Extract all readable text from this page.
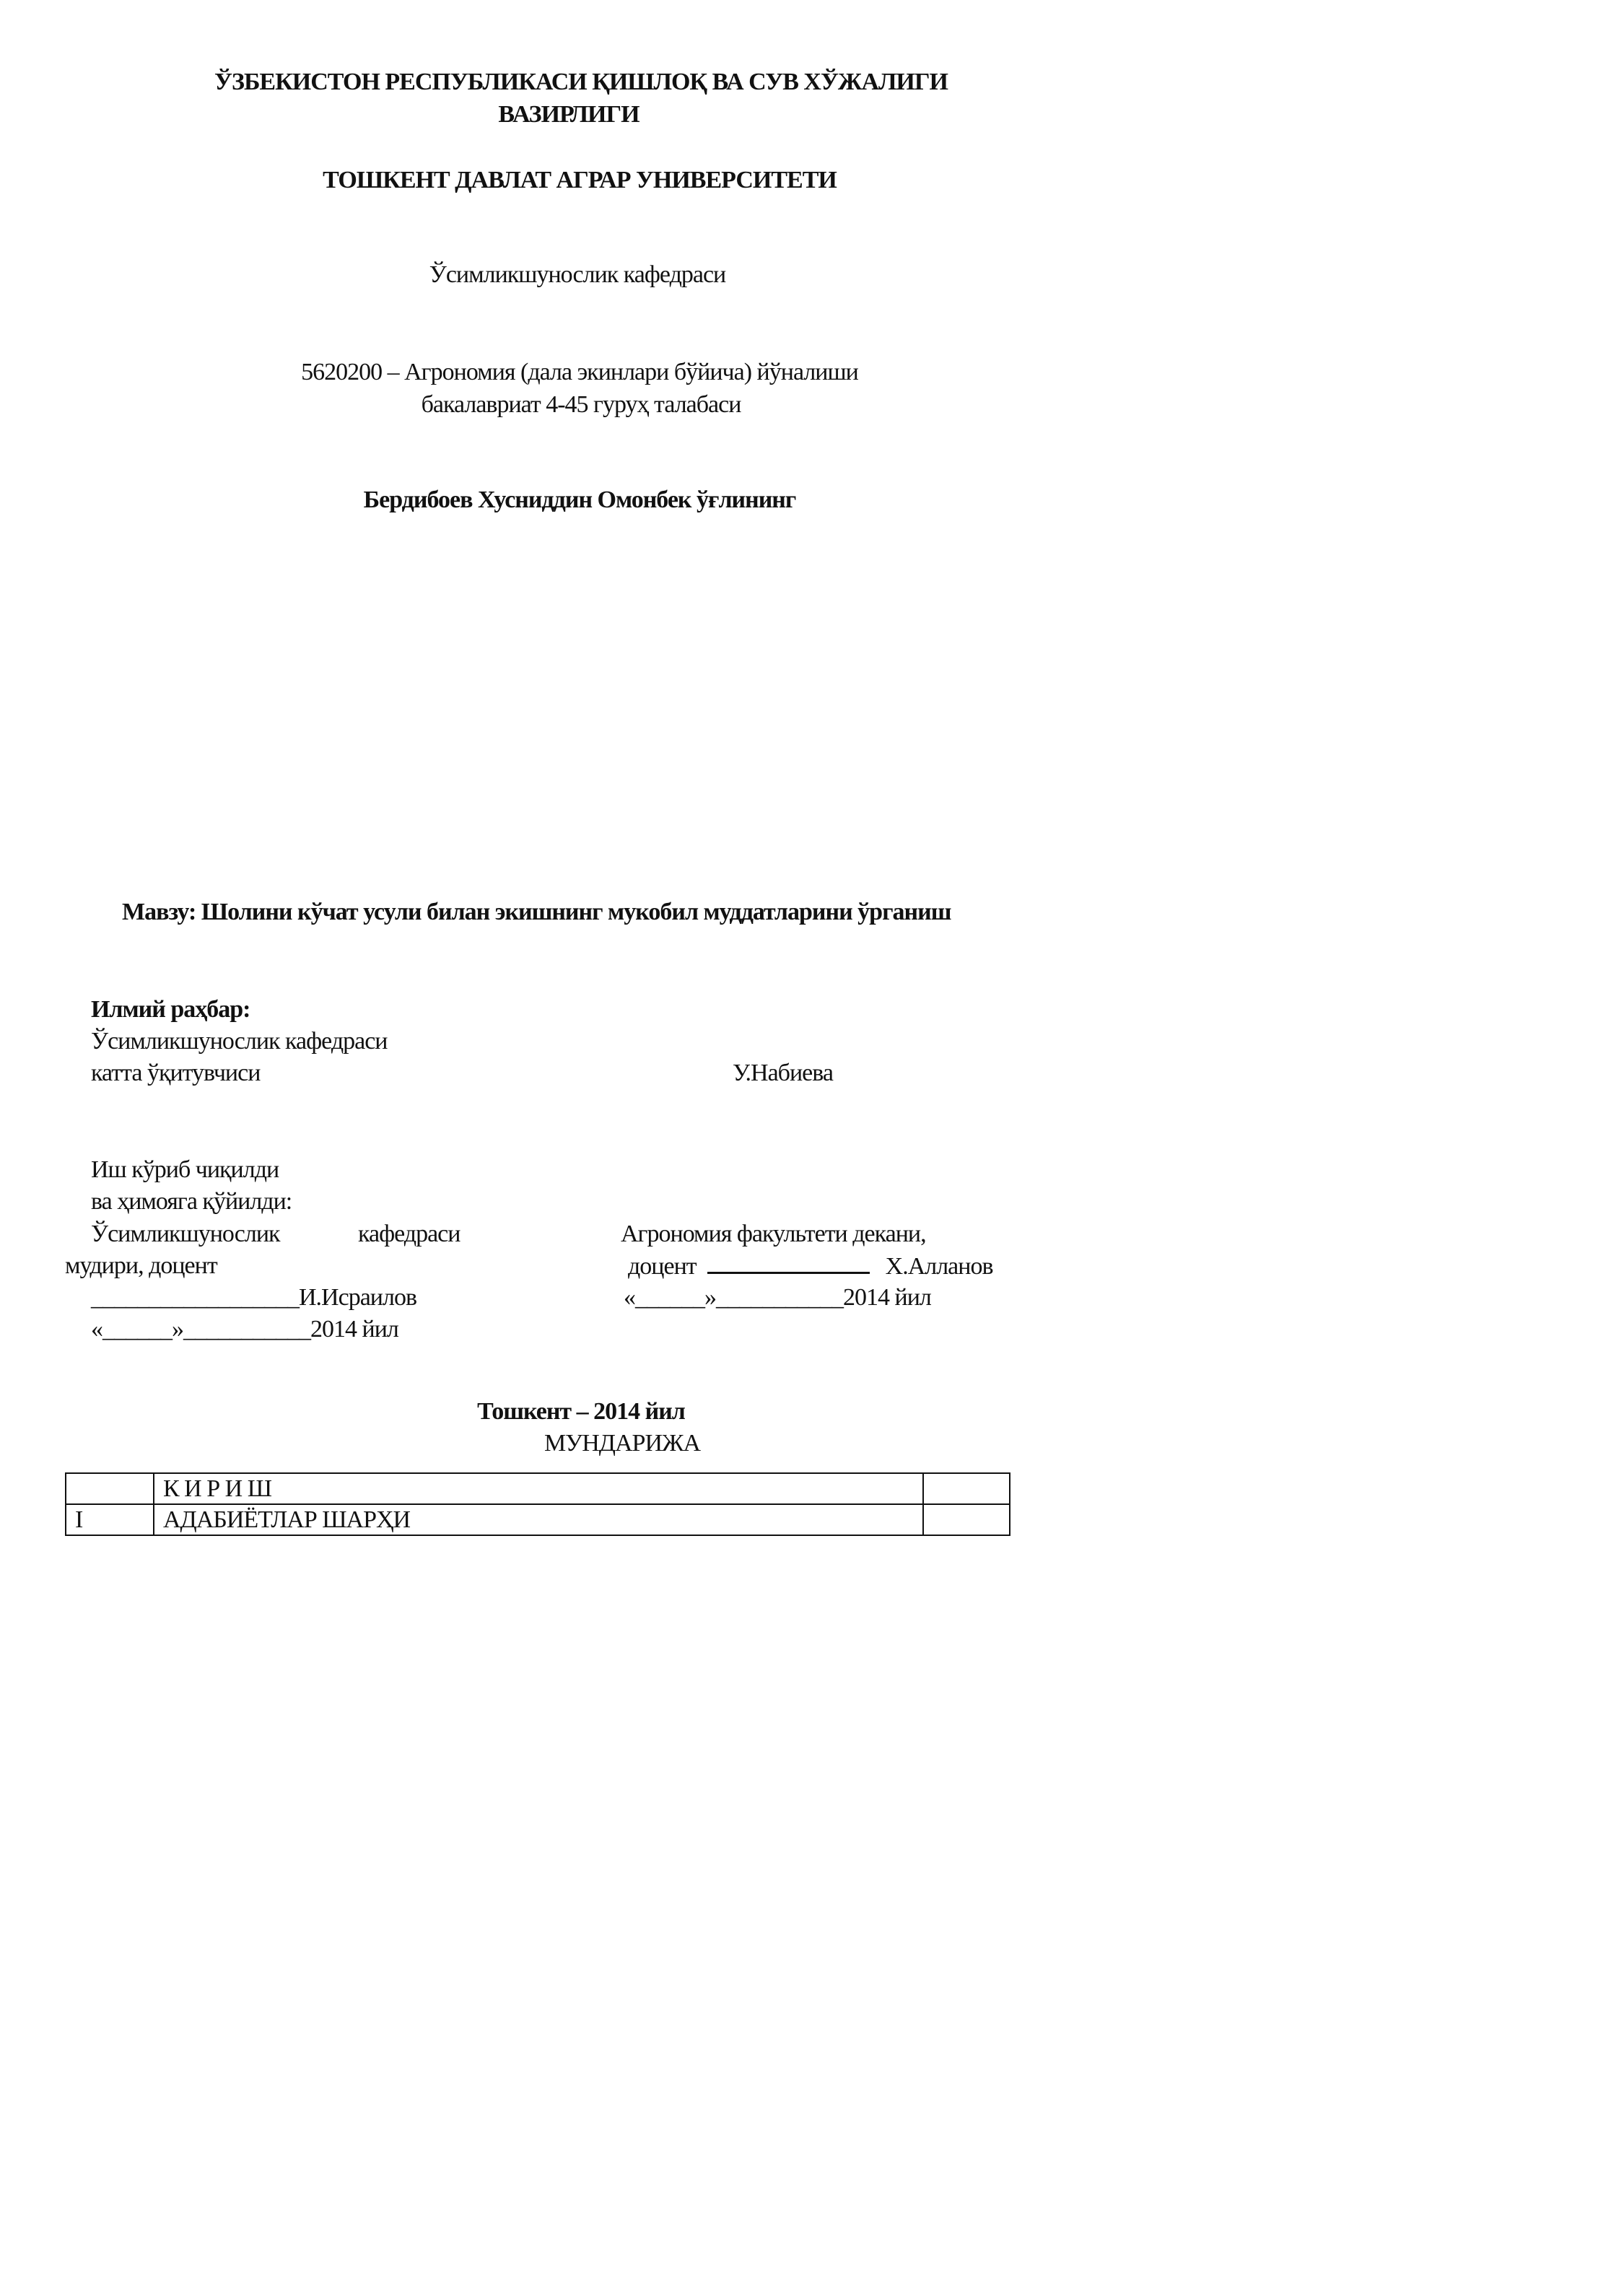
ЎЗБЕКИСТОН РЕСПУБЛИКАСИ ҚИШЛОҚ ВА СУВ ХЎЖАЛИГИ
ВАЗИРЛИГИ
ТОШКЕНТ ДАВЛАТ АГРАР УНИВЕРСИТЕТИ
Ўсимликшунослик кафедраси
5620200 – Агрономия (дала экинлари бўйича) йўналиши
бакалавриат 4-45 гуруҳ талабаси
Бердибоев Хусниддин Омонбек ўғлининг
Мавзу: Шолини кўчат усули билан экишнинг мукобил муддатларини ўрганиш
Илмий раҳбар:
Ўсимликшунослик кафедраси
катта ўқитувчиси	У.Набиева
Иш кўриб чиқилди
ва ҳимояга қўйилди:
Ўсимликшунослик	кафедраси
мудири, доцент
__________________И.Исраилов
«______»___________2014 йил
Агрономия факультети декани,
доцент	Х.Алланов
«______»___________2014 йил
Тошкент – 2014 йил
МУНДАРИЖА
	К И Р И Ш	
I	АДАБИЁТЛАР ШАРҲИ	
